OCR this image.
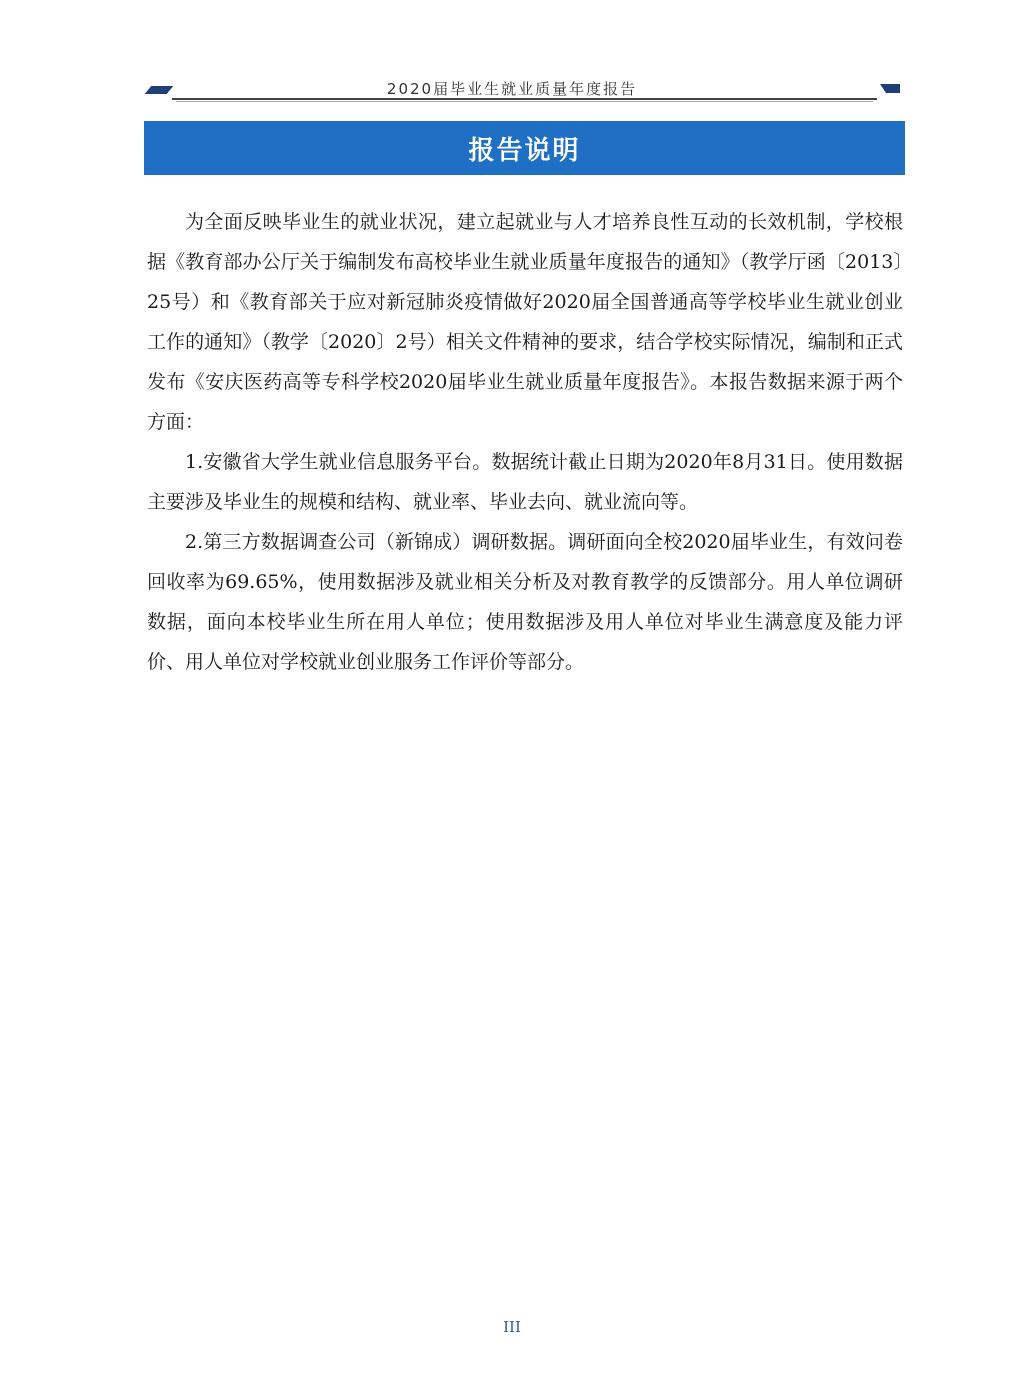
2020届毕业生就业质量年度报告
报告说明

为全面反映毕业生的就业状况，建立起就业与人才培养良性互动的长效机制，学校根据《教育部办公厅关于编制发布高校毕业生就业质量年度报告的通知》（教学厅函〔2013〕25号）和《教育部关于应对新冠肺炎疫情做好2020届全国普通高等学校毕业生就业创业工作的通知》（教学〔2020〕2号）相关文件精神的要求，结合学校实际情况，编制和正式发布《安庆医药高等专科学校2020届毕业生就业质量年度报告》。本报告数据来源于两个方面：

1.安徽省大学生就业信息服务平台。数据统计截止日期为2020年8月31日。使用数据主要涉及毕业生的规模和结构、就业率、毕业去向、就业流向等。

2.第三方数据调查公司（新锦成）调研数据。调研面向全校2020届毕业生，有效问卷回收率为69.65%，使用数据涉及就业相关分析及对教育教学的反馈部分。用人单位调研数据，面向本校毕业生所在用人单位；使用数据涉及用人单位对毕业生满意度及能力评价、用人单位对学校就业创业服务工作评价等部分。

III
